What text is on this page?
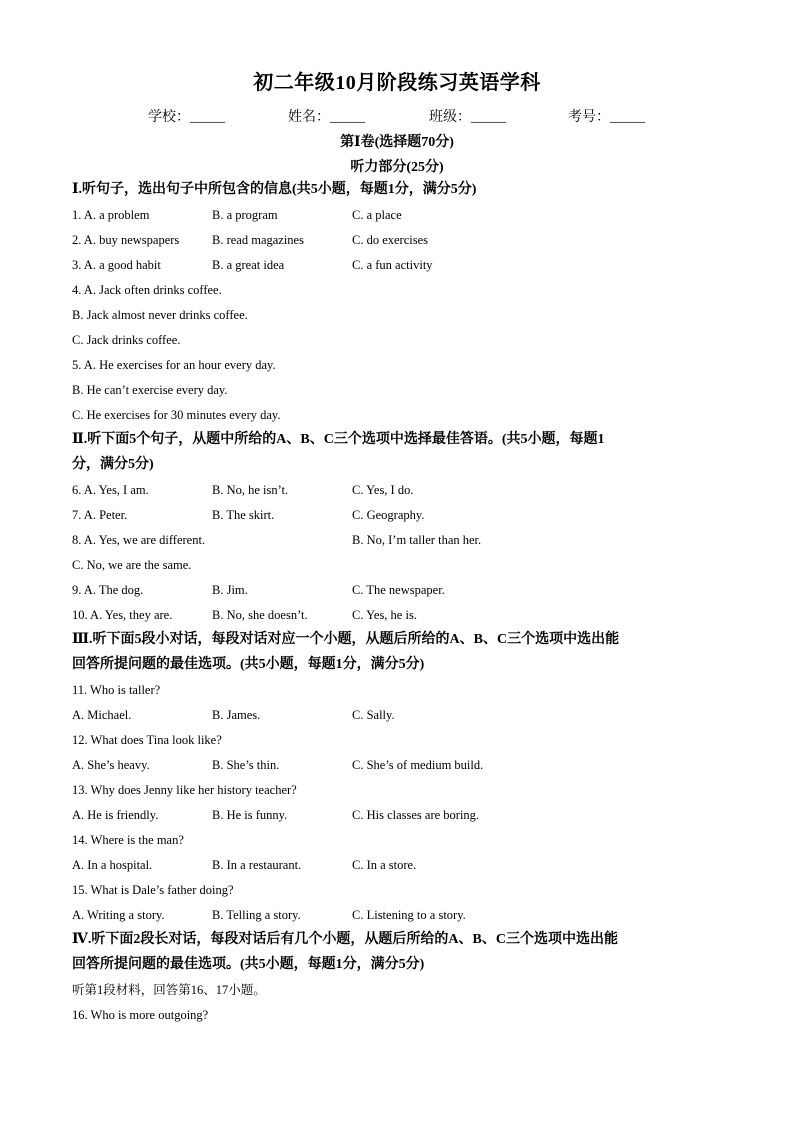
初二年级10月阶段练习英语学科
学校：_____	姓名：_____	班级：_____	考号：_____
第Ⅰ卷(选择题70分)
听力部分(25分)
Ⅰ.听句子，选出句子中所包含的信息(共5小题，每题1分，满分5分)
1. A. a problem	B. a program	C. a place
2. A. buy newspapers	B. read magazines	C. do exercises
3. A. a good habit	B. a great idea	C. a fun activity
4. A. Jack often drinks coffee.
B. Jack almost never drinks coffee.
C. Jack drinks coffee.
5. A. He exercises for an hour every day.
B. He can’t exercise every day.
C. He exercises for 30 minutes every day.
Ⅱ.听下面5个句子，从题中所给的A、B、C三个选项中选择最佳答语。(共5小题，每题1
分，满分5分)
6. A. Yes, I am.	B. No, he isn’t.	C. Yes, I do.
7. A. Peter.	B. The skirt.	C. Geography.
8. A. Yes, we are different.	B. No, I’m taller than her.
C. No, we are the same.
9. A. The dog.	B. Jim.	C. The newspaper.
10. A. Yes, they are.	B. No, she doesn’t.	C. Yes, he is.
Ⅲ.听下面5段小对话，每段对话对应一个小题，从题后所给的A、B、C三个选项中选出能
回答所提问题的最佳选项。(共5小题，每题1分，满分5分)
11. Who is taller?
A. Michael.	B. James.	C. Sally.
12. What does Tina look like?
A. She’s heavy.	B. She’s thin.	C. She’s of medium build.
13. Why does Jenny like her history teacher?
A. He is friendly.	B. He is funny.	C. His classes are boring.
14. Where is the man?
A. In a hospital.	B. In a restaurant.	C. In a store.
15. What is Dale’s father doing?
A. Writing a story.	B. Telling a story.	C. Listening to a story.
Ⅳ.听下面2段长对话，每段对话后有几个小题，从题后所给的A、B、C三个选项中选出能
回答所提问题的最佳选项。(共5小题，每题1分，满分5分)
听第1段材料，回答第16、17小题。
16. Who is more outgoing?
